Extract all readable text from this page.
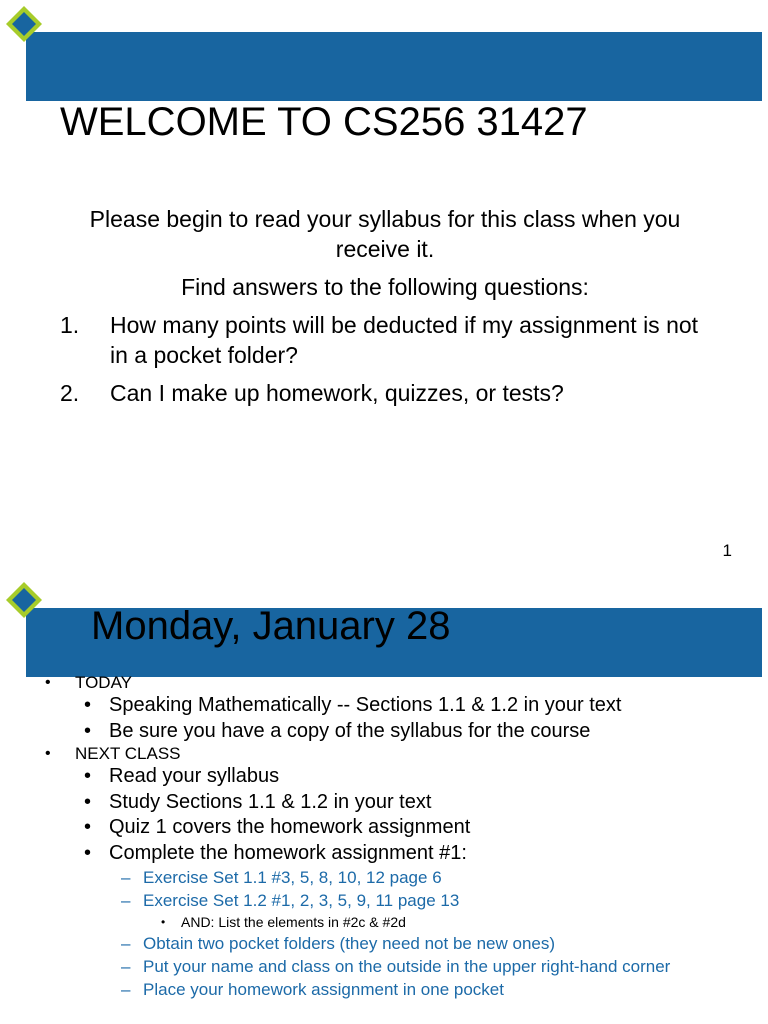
WELCOME TO CS256 31427

Please begin to read your syllabus for this class when you receive it.

Find answers to the following questions:

1. How many points will be deducted if my assignment is not in a pocket folder?
2. Can I make up homework, quizzes, or tests?
1
Monday, January 28
• TODAY
• Speaking Mathematically -- Sections 1.1 & 1.2 in your text
• Be sure you have a copy of the syllabus for the course
• NEXT CLASS
• Read your syllabus
• Study Sections 1.1 & 1.2 in your text
• Quiz 1 covers the homework assignment
• Complete the homework assignment #1:
– Exercise Set 1.1 #3, 5, 8, 10, 12 page 6
– Exercise Set 1.2 #1, 2, 3, 5, 9, 11 page 13
• AND: List the elements in #2c & #2d
– Obtain two pocket folders (they need not be new ones)
– Put your name and class on the outside in the upper right-hand corner
– Place your homework assignment in one pocket
